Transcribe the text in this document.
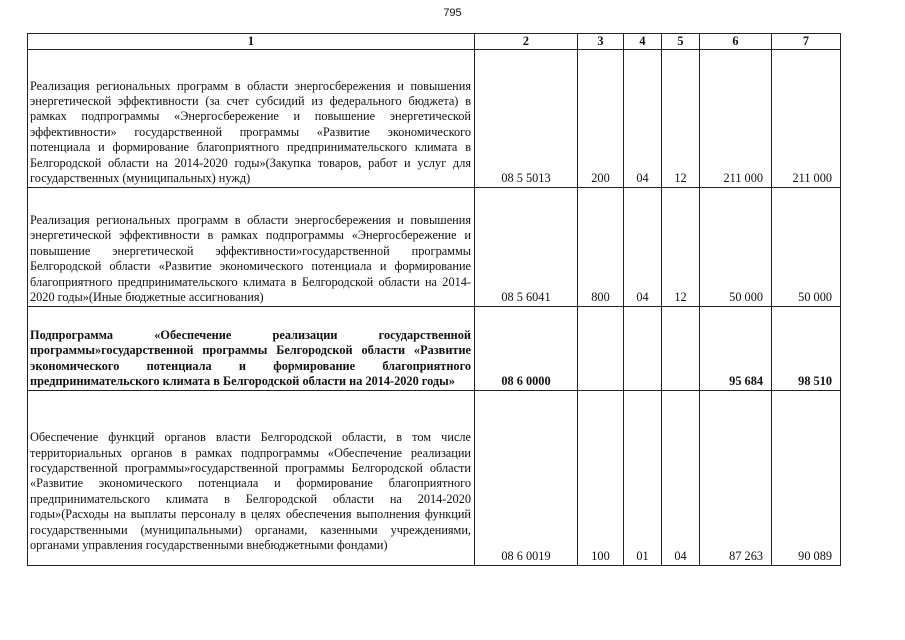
795
1	2	3	4	5	6	7
Реализация региональных программ в области энергосбережения и повышения энергетической эффективности (за счет субсидий из федерального бюджета) в рамках подпрограммы «Энергосбережение и повышение энергетической эффективности» государственной программы «Развитие экономического потенциала и формирование благоприятного предпринимательского климата в Белгородской области на 2014-2020 годы»(Закупка товаров, работ и услуг для государственных (муниципальных) нужд)	08 5 5013	200	04	12	211 000	211 000
Реализация региональных программ в области энергосбережения и повышения энергетической эффективности в рамках подпрограммы «Энергосбережение и повышение энергетической эффективности»государственной программы Белгородской области «Развитие экономического потенциала и формирование благоприятного предпринимательского климата в Белгородской области на 2014-2020 годы»(Иные бюджетные ассигнования)	08 5 6041	800	04	12	50 000	50 000
Подпрограмма «Обеспечение реализации государственной программы»государственной программы Белгородской области «Развитие экономического потенциала и формирование благоприятного предпринимательского климата в Белгородской области на 2014-2020 годы»	08 6 0000				95 684	98 510
Обеспечение функций органов власти Белгородской области, в том числе территориальных органов в рамках подпрограммы «Обеспечение реализации государственной программы»государственной программы Белгородской области «Развитие экономического потенциала и формирование благоприятного предпринимательского климата в Белгородской области на 2014-2020 годы»(Расходы на выплаты персоналу в целях обеспечения выполнения функций государственными (муниципальными) органами, казенными учреждениями, органами управления государственными внебюджетными фондами)	08 6 0019	100	01	04	87 263	90 089
